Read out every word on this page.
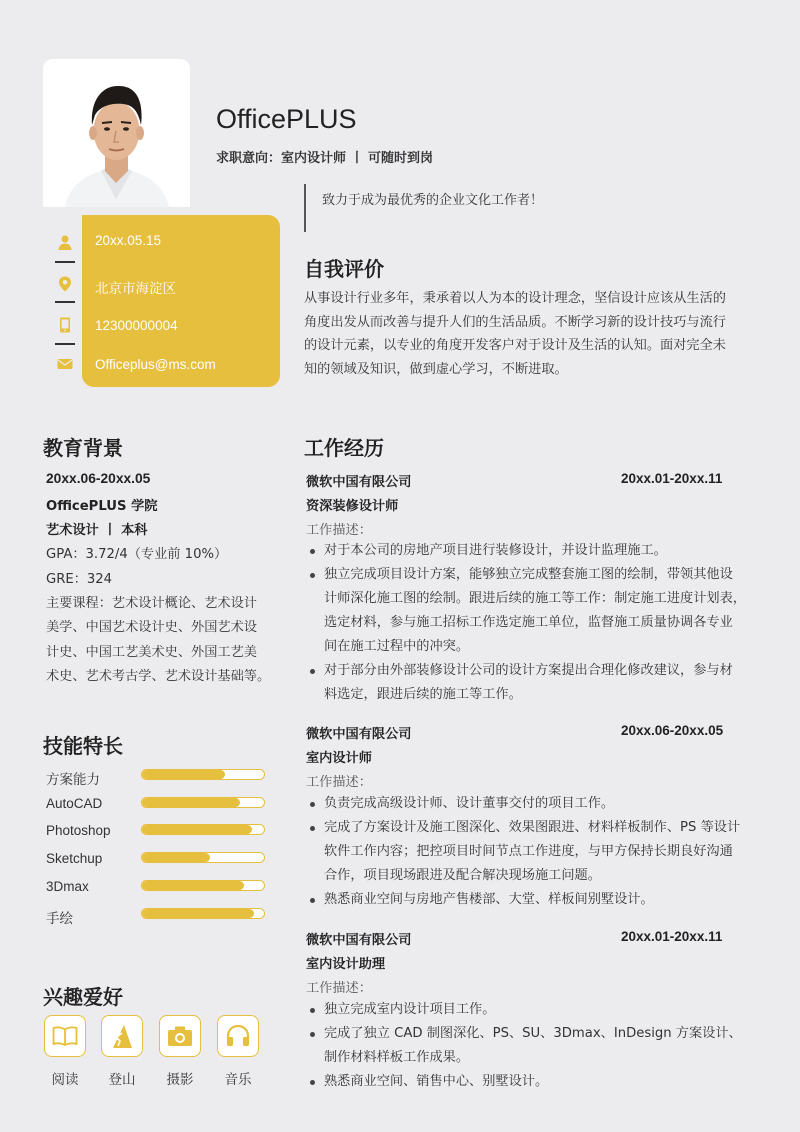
20xx.05.15
北京市海淀区
12300000004
Officeplus@ms.com
OfficePLUS
求职意向：室内设计师 丨 可随时到岗
致力于成为最优秀的企业文化工作者！
自我评价

从事设计行业多年，秉承着以人为本的设计理念，坚信设计应该从生活的

角度出发从而改善与提升人们的生活品质。不断学习新的设计技巧与流行

的设计元素，以专业的角度开发客户对于设计及生活的认知。面对完全未

知的领域及知识，做到虚心学习，不断进取。

教育背景
20xx.06-20xx.05
OfficePLUS 学院
艺术设计 丨 本科
GPA：3.72/4（专业前 10%）
GRE：324
主要课程：艺术设计概论、艺术设计
美学、中国艺术设计史、外国艺术设
计史、中国工艺美术史、外国工艺美
术史、艺术考古学、艺术设计基础等。
技能特长
方案能力
AutoCAD
Photoshop
Sketchup
3Dmax
手绘
兴趣爱好
阅读	登山	摄影	音乐
工作经历
微软中国有限公司	20xx.01-20xx.11
资深装修设计师
工作描述：
对于本公司的房地产项目进行装修设计，并设计监理施工。
独立完成项目设计方案，能够独立完成整套施工图的绘制，带领其他设
计师深化施工图的绘制。跟进后续的施工等工作：制定施工进度计划表，
选定材料，参与施工招标工作选定施工单位，监督施工质量协调各专业
间在施工过程中的冲突。
对于部分由外部装修设计公司的设计方案提出合理化修改建议，参与材
料选定，跟进后续的施工等工作。
微软中国有限公司	20xx.06-20xx.05
室内设计师
工作描述：
负责完成高级设计师、设计董事交付的项目工作。
完成了方案设计及施工图深化、效果图跟进、材料样板制作、PS 等设计
软件工作内容；把控项目时间节点工作进度，与甲方保持长期良好沟通
合作，项目现场跟进及配合解决现场施工问题。
熟悉商业空间与房地产售楼部、大堂、样板间别墅设计。
微软中国有限公司	20xx.01-20xx.11
室内设计助理
工作描述：
独立完成室内设计项目工作。
完成了独立 CAD 制图深化、PS、SU、3Dmax、InDesign 方案设计、
制作材料样板工作成果。
熟悉商业空间、销售中心、别墅设计。
